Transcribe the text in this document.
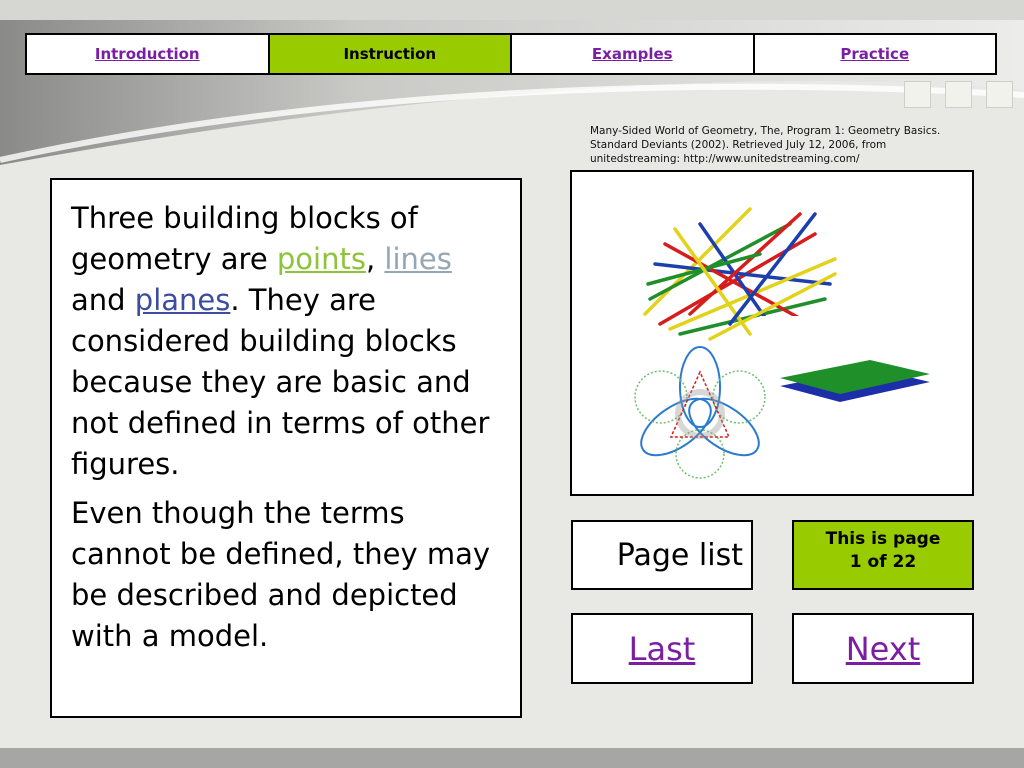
Introduction	Instruction	Examples	Practice
Many-Sided World of Geometry, The, Program 1: Geometry Basics.
Standard Deviants (2002). Retrieved July 12, 2006, from
unitedstreaming: http://www.unitedstreaming.com/

Three building blocks of geometry are points, lines and planes. They are considered building blocks because they are basic and not defined in terms of other figures.

Even though the terms cannot be defined, they may be described and depicted with a model.

Page list	This is page
1 of 22
Last	Next
